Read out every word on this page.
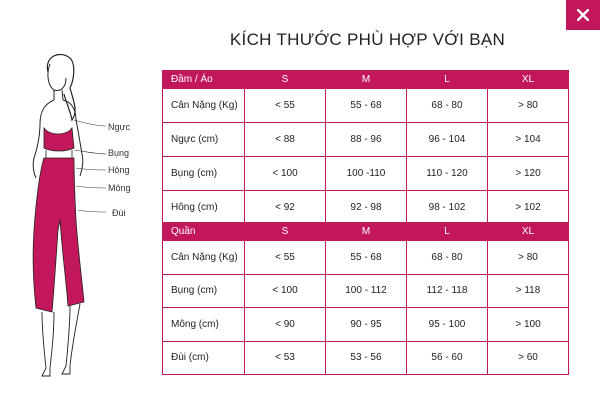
KÍCH THƯỚC PHÙ HỢP VỚI BẠN
Ngực
Bụng
Hông
Mông
Đùi
Đầm / Áo	S	M	L	XL
Cân Nặng (Kg)	< 55	55 - 68	68 - 80	> 80
Ngực (cm)	< 88	88 - 96	96 - 104	> 104
Bụng (cm)	< 100	100 -110	110 - 120	> 120
Hông (cm)	< 92	92 - 98	98 - 102	> 102
Quần	S	M	L	XL
Cân Nặng (Kg)	< 55	55 - 68	68 - 80	> 80
Bụng (cm)	< 100	100 - 112	112 - 118	> 118
Mông (cm)	< 90	90 - 95	95 - 100	> 100
Đùi (cm)	< 53	53 - 56	56 - 60	> 60
